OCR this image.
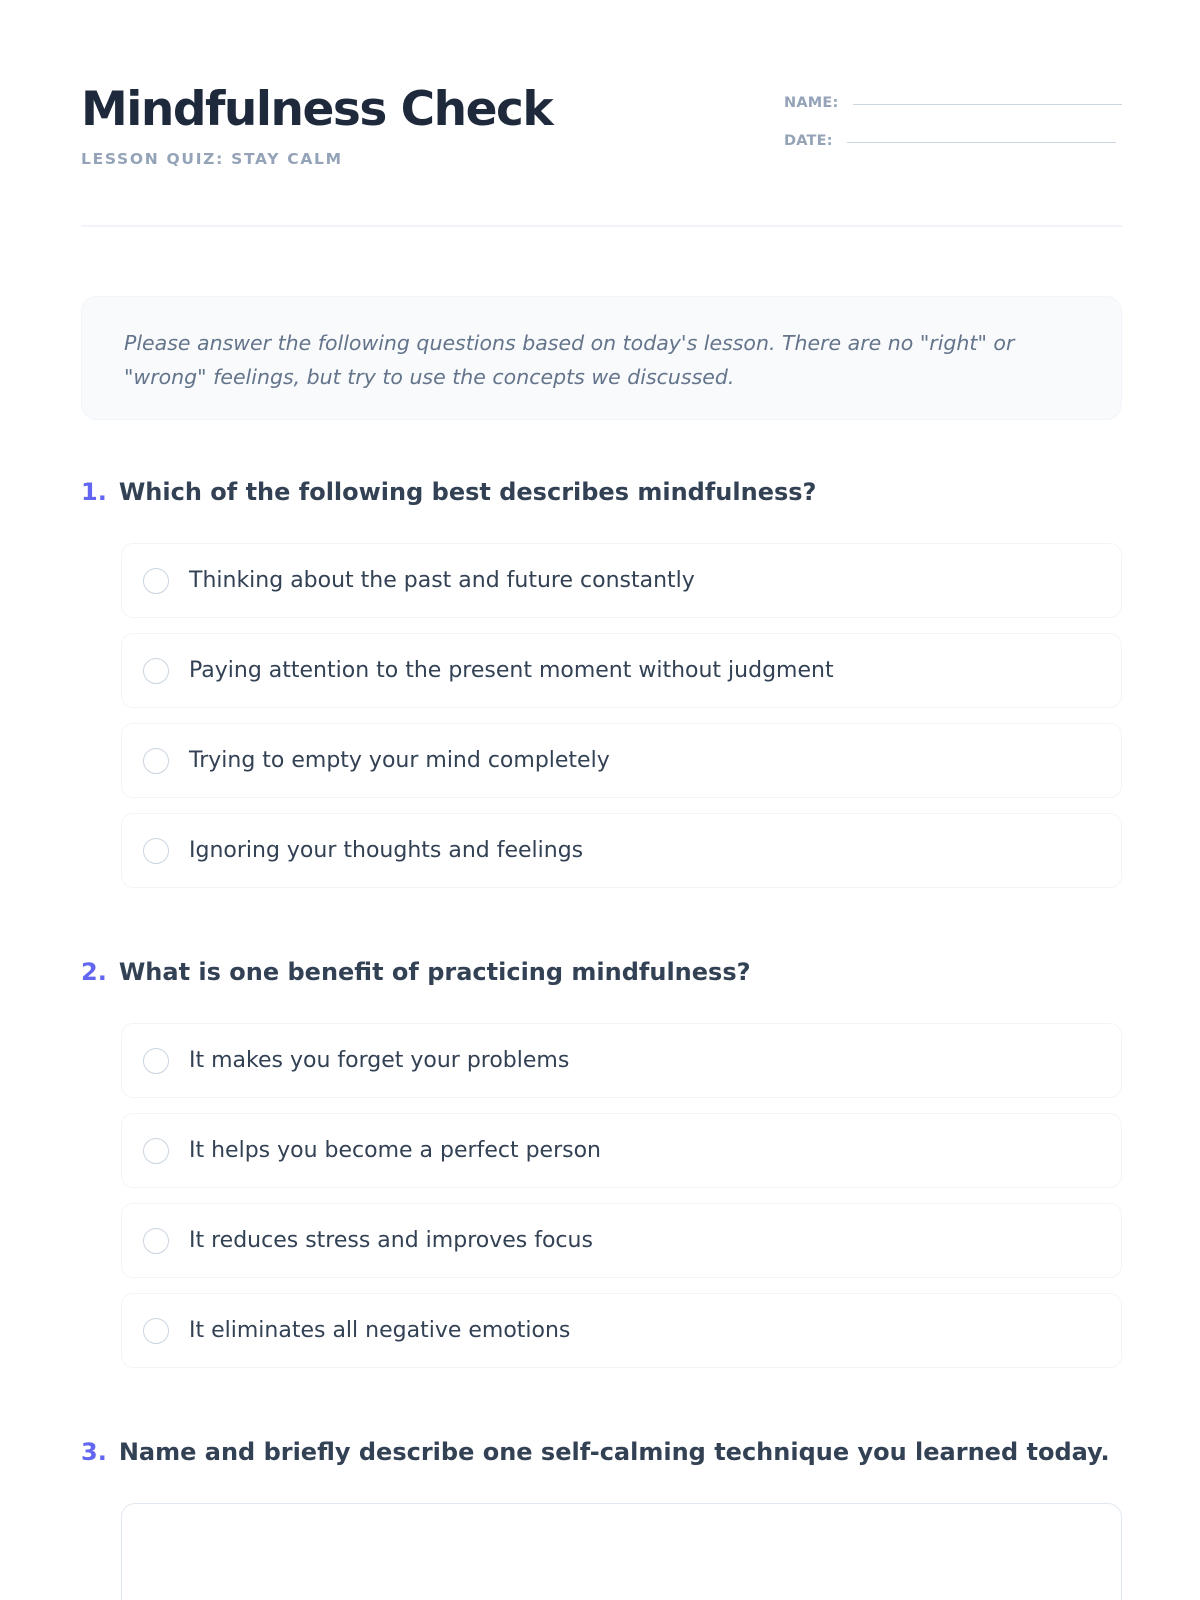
Mindfulness Check
LESSON QUIZ: STAY CALM
NAME:
DATE:

Please answer the following questions based on today's lesson. There are no "right" or "wrong" feelings, but try to use the concepts we discussed.

1. Which of the following best describes mindfulness?
Thinking about the past and future constantly
Paying attention to the present moment without judgment
Trying to empty your mind completely
Ignoring your thoughts and feelings
2. What is one benefit of practicing mindfulness?
It makes you forget your problems
It helps you become a perfect person
It reduces stress and improves focus
It eliminates all negative emotions
3. Name and briefly describe one self-calming technique you learned today.
